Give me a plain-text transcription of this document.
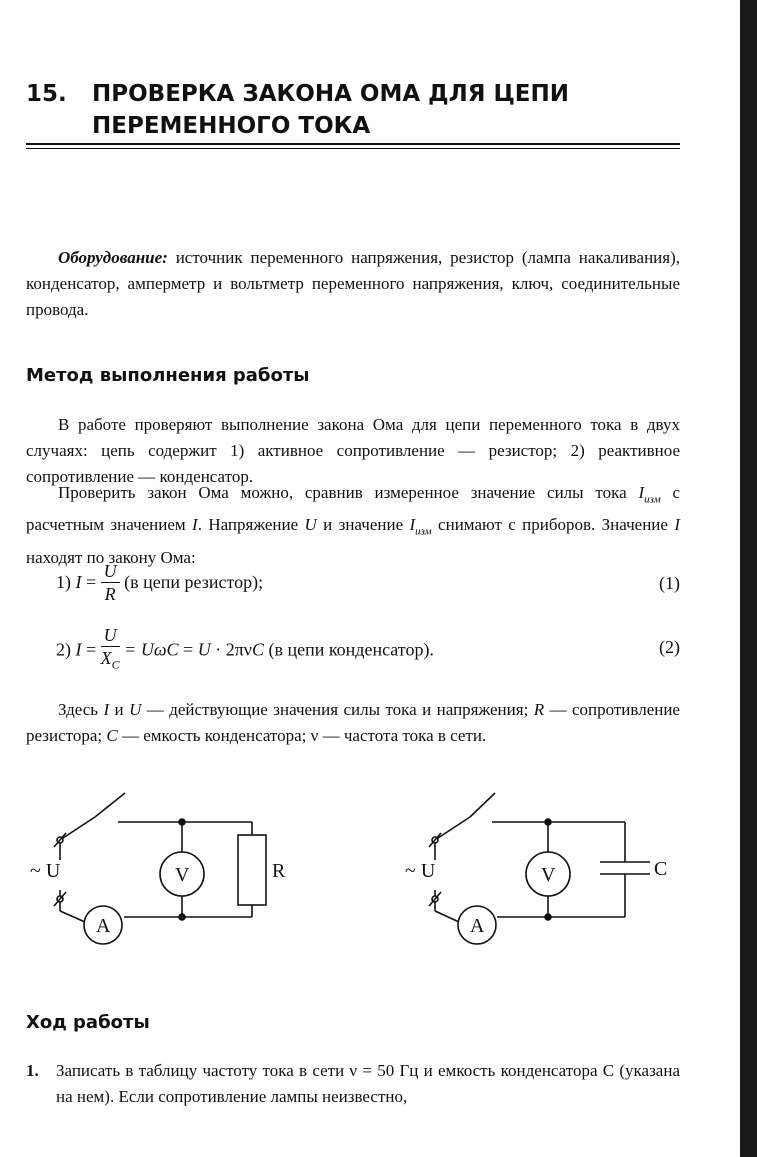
15. ПРОВЕРКА ЗАКОНА ОМА ДЛЯ ЦЕПИ
ПЕРЕМЕННОГО ТОКА
Оборудование: источник переменного напряжения, резистор (лампа накаливания), конденсатор, амперметр и вольтметр переменного напряжения, ключ, соединительные провода.
Метод выполнения работы
В работе проверяют выполнение закона Ома для цепи переменного тока в двух случаях: цепь содержит 1) активное сопротивление — резистор; 2) реактивное сопротивление — конденсатор.
Проверить закон Ома можно, сравнив измеренное значение силы тока $I_{изм}$ с расчетным значением I. Напряжение U и значение $I_{изм}$ снимают с приборов. Значение I находят по закону Ома:
1) $I = \frac{U}{R} (в$ цепи резистор);	(1)
2) $I = \frac{U}{X_C} = U\omega C = U \cdot 2\pi\nu C$ (в цепи конденсатор).	(2)
Здесь I и U — действующие значения силы тока и напряжения; R — сопротивление резистора; C — емкость конденсатора; ν — частота тока в сети.
~ U	V
A
R	~ U	V
A
C
Ход работы
1. Записать в таблицу частоту тока в сети ν = 50 Гц и емкость конденсатора С (указана на нем). Если сопротивление лампы неизвестно,
